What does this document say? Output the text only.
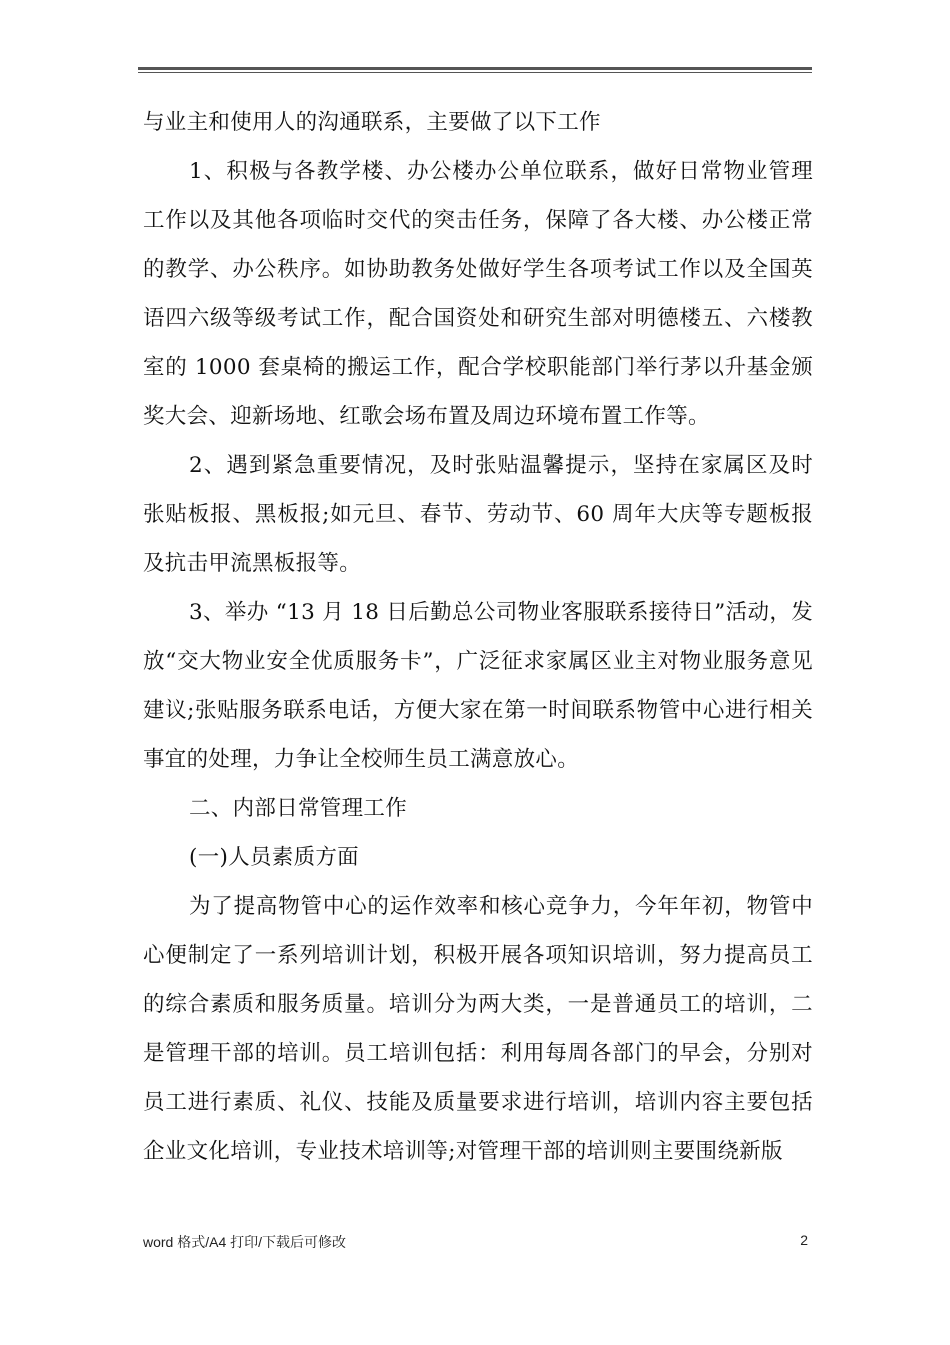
与业主和使用人的沟通联系，主要做了以下工作

1、积极与各教学楼、办公楼办公单位联系，做好日常物业管理工作以及其他各项临时交代的突击任务，保障了各大楼、办公楼正常的教学、办公秩序。如协助教务处做好学生各项考试工作以及全国英语四六级等级考试工作，配合国资处和研究生部对明德楼五、六楼教室的 1000 套桌椅的搬运工作，配合学校职能部门举行茅以升基金颁奖大会、迎新场地、红歌会场布置及周边环境布置工作等。

2、遇到紧急重要情况，及时张贴温馨提示，坚持在家属区及时张贴板报、黑板报;如元旦、春节、劳动节、60 周年大庆等专题板报及抗击甲流黑板报等。

3、举办 “13 月 18 日后勤总公司物业客服联系接待日”活动，发放“交大物业安全优质服务卡”，广泛征求家属区业主对物业服务意见建议;张贴服务联系电话，方便大家在第一时间联系物管中心进行相关事宜的处理，力争让全校师生员工满意放心。

二、内部日常管理工作

(一)人员素质方面

为了提高物管中心的运作效率和核心竞争力，今年年初，物管中心便制定了一系列培训计划，积极开展各项知识培训，努力提高员工的综合素质和服务质量。培训分为两大类，一是普通员工的培训，二是管理干部的培训。员工培训包括：利用每周各部门的早会，分别对员工进行素质、礼仪、技能及质量要求进行培训，培训内容主要包括企业文化培训，专业技术培训等;对管理干部的培训则主要围绕新版

word 格式/A4 打印/下载后可修改	2
